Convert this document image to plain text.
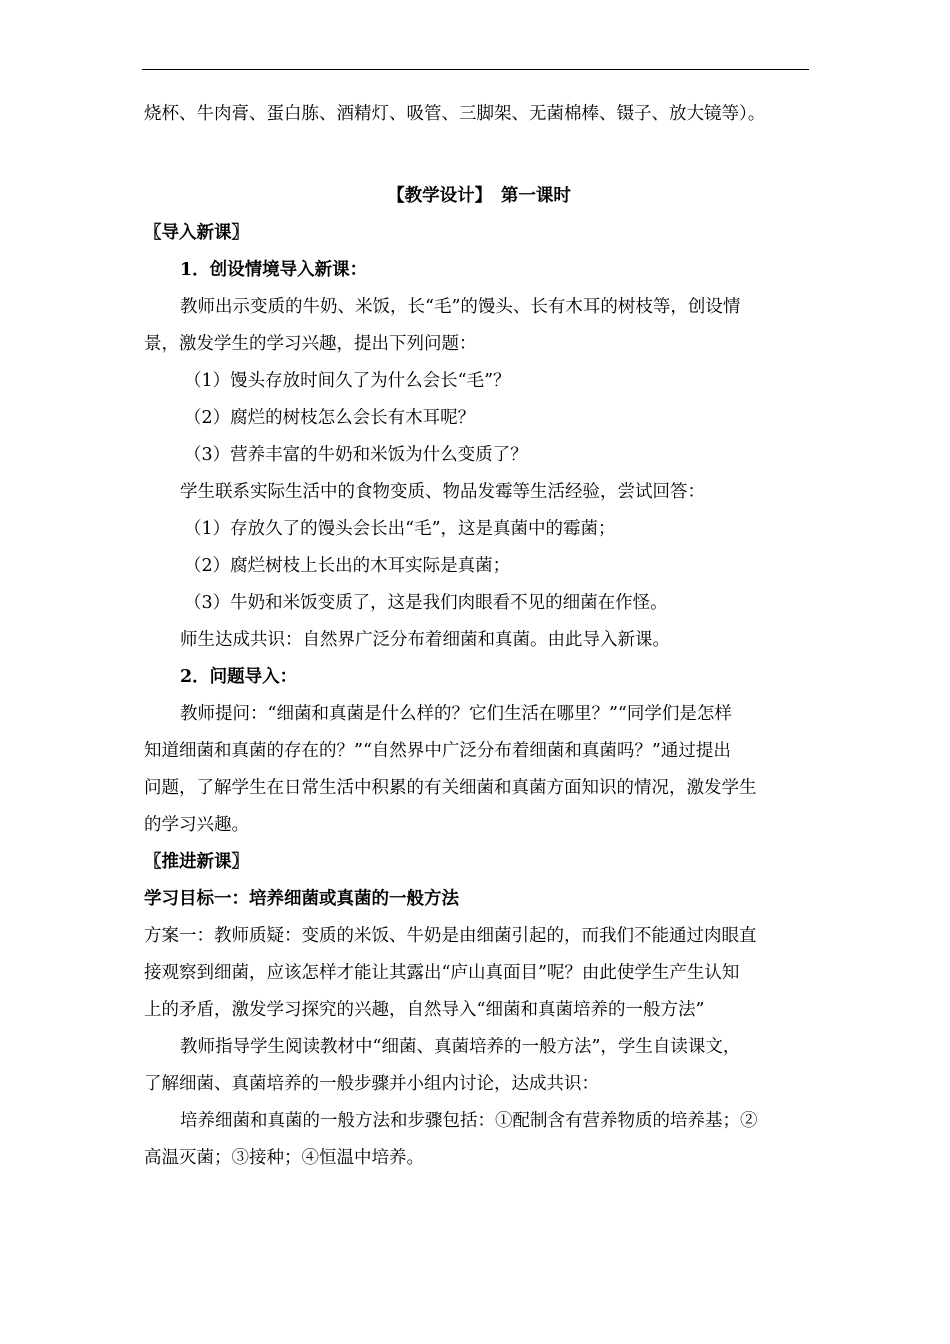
烧杯、牛肉膏、蛋白胨、酒精灯、吸管、三脚架、无菌棉棒、镊子、放大镜等）。
【教学设计】　第一课时
〖导入新课〗
1．创设情境导入新课：
教师出示变质的牛奶、米饭，长“毛”的馒头、长有木耳的树枝等，创设情
景，激发学生的学习兴趣，提出下列问题：
（1）馒头存放时间久了为什么会长“毛”？
（2）腐烂的树枝怎么会长有木耳呢？
（3）营养丰富的牛奶和米饭为什么变质了？
学生联系实际生活中的食物变质、物品发霉等生活经验，尝试回答：
（1）存放久了的馒头会长出“毛”，这是真菌中的霉菌；
（2）腐烂树枝上长出的木耳实际是真菌；
（3）牛奶和米饭变质了，这是我们肉眼看不见的细菌在作怪。
师生达成共识：自然界广泛分布着细菌和真菌。由此导入新课。
2．问题导入：
教师提问：“细菌和真菌是什么样的？它们生活在哪里？”“同学们是怎样
知道细菌和真菌的存在的？”“自然界中广泛分布着细菌和真菌吗？”通过提出
问题，了解学生在日常生活中积累的有关细菌和真菌方面知识的情况，激发学生
的学习兴趣。
〖推进新课〗
学习目标一：培养细菌或真菌的一般方法
方案一：教师质疑：变质的米饭、牛奶是由细菌引起的，而我们不能通过肉眼直
接观察到细菌，应该怎样才能让其露出“庐山真面目”呢？由此使学生产生认知
上的矛盾，激发学习探究的兴趣，自然导入“细菌和真菌培养的一般方法”
教师指导学生阅读教材中“细菌、真菌培养的一般方法”，学生自读课文，
了解细菌、真菌培养的一般步骤并小组内讨论，达成共识：
培养细菌和真菌的一般方法和步骤包括：①配制含有营养物质的培养基；②
高温灭菌；③接种；④恒温中培养。
